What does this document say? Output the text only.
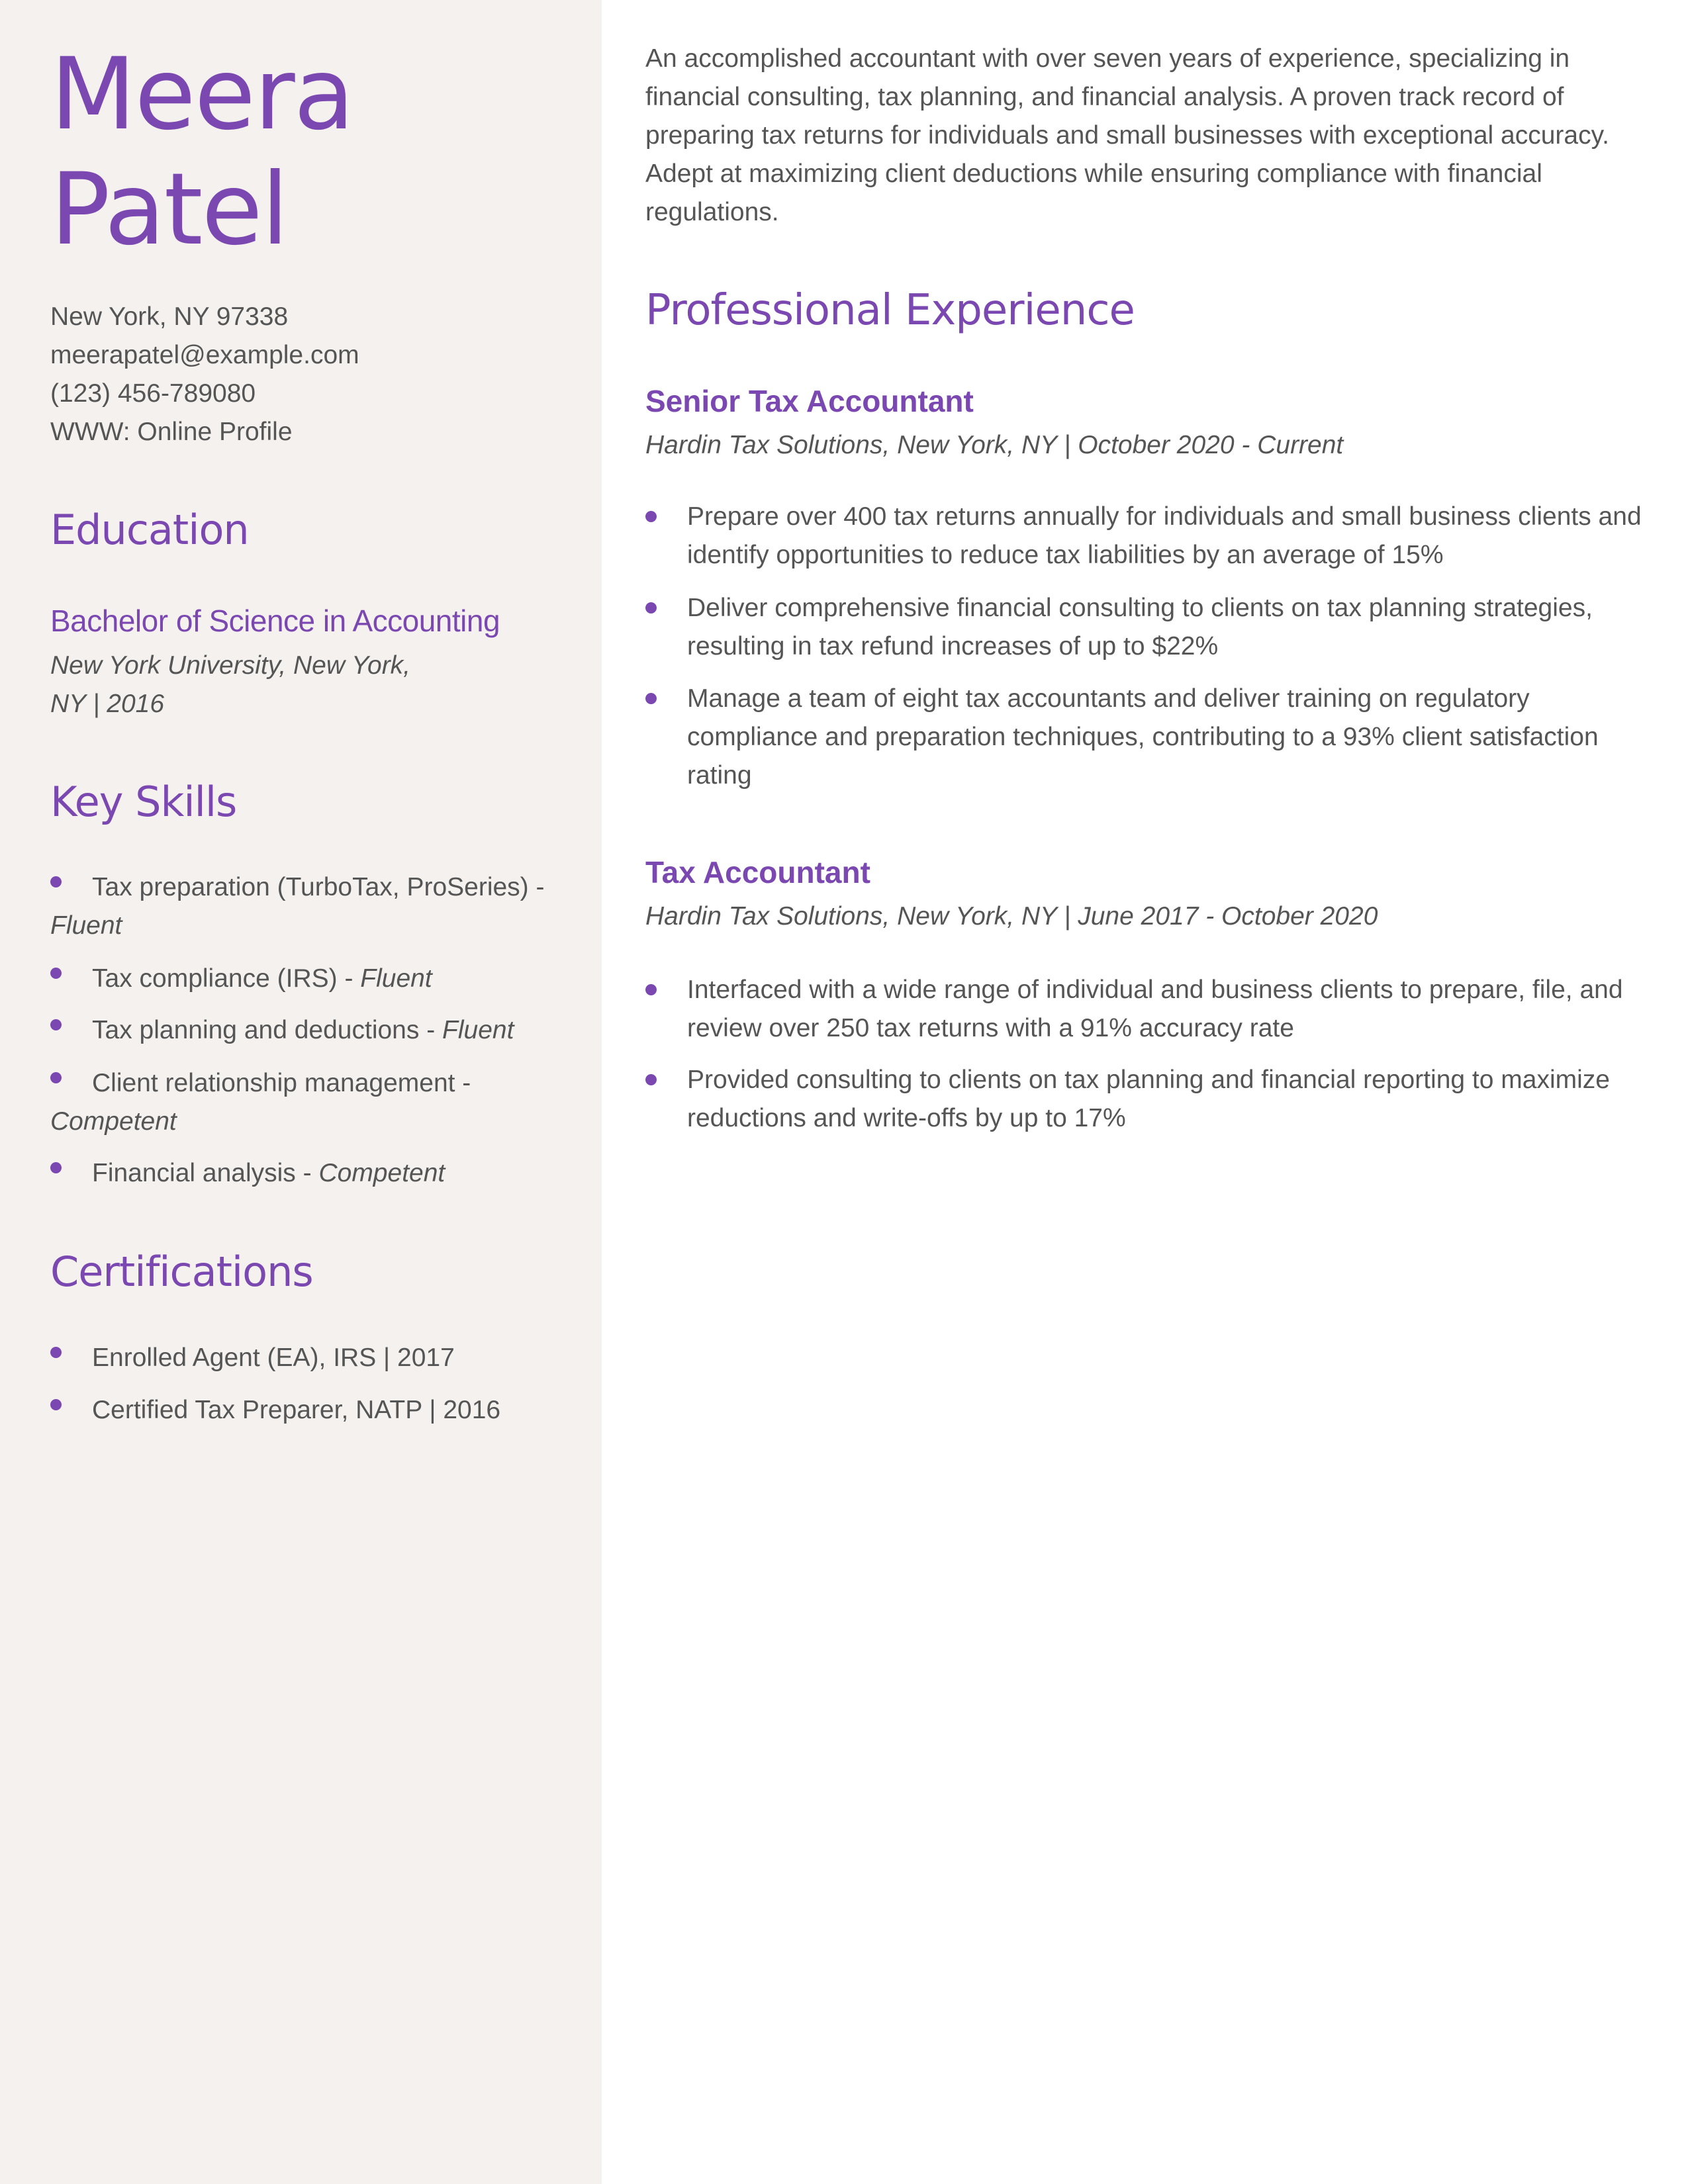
Meera
Patel
New York, NY 97338
meerapatel@example.com
(123) 456-789080
WWW: Online Profile
Education
Bachelor of Science in Accounting
New York University, New York,
NY | 2016
Key Skills
Tax preparation (TurboTax, ProSeries) - Fluent
Tax compliance (IRS) - Fluent
Tax planning and deductions - Fluent
Client relationship management - Competent
Financial analysis - Competent
Certifications
Enrolled Agent (EA), IRS | 2017
Certified Tax Preparer, NATP | 2016

An accomplished accountant with over seven years of experience, specializing in financial consulting, tax planning, and financial analysis. A proven track record of preparing tax returns for individuals and small businesses with exceptional accuracy. Adept at maximizing client deductions while ensuring compliance with financial regulations.

Professional Experience
Senior Tax Accountant
Hardin Tax Solutions, New York, NY | October 2020 - Current
Prepare over 400 tax returns annually for individuals and small business clients and identify opportunities to reduce tax liabilities by an average of 15%
Deliver comprehensive financial consulting to clients on tax planning strategies, resulting in tax refund increases of up to $22%
Manage a team of eight tax accountants and deliver training on regulatory compliance and preparation techniques, contributing to a 93% client satisfaction rating
Tax Accountant
Hardin Tax Solutions, New York, NY | June 2017 - October 2020
Interfaced with a wide range of individual and business clients to prepare, file, and review over 250 tax returns with a 91% accuracy rate
Provided consulting to clients on tax planning and financial reporting to maximize reductions and write-offs by up to 17%
